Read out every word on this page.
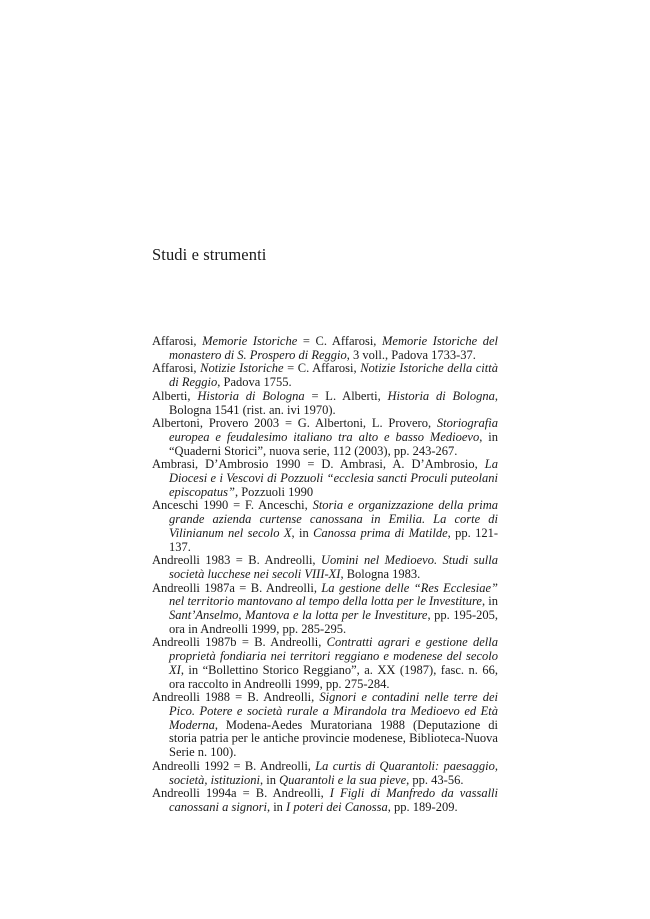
Studi e strumenti

Affarosi, Memorie Istoriche = C. Affarosi, Memorie Istoriche del monastero di S. Prospero di Reggio, 3 voll., Padova 1733-37.

Affarosi, Notizie Istoriche = C. Affarosi, Notizie Istoriche della città di Reggio, Padova 1755.

Alberti, Historia di Bologna = L. Alberti, Historia di Bologna, Bologna 1541 (rist. an. ivi 1970).

Albertoni, Provero 2003 = G. Albertoni, L. Provero, Storiografia europea e feudalesimo italiano tra alto e basso Medioevo, in “Quaderni Storici”, nuova serie, 112 (2003), pp. 243-267.

Ambrasi, D’Ambrosio 1990 = D. Ambrasi, A. D’Ambrosio, La Diocesi e i Vescovi di Pozzuoli “ecclesia sancti Proculi puteolani episcopatus”, Pozzuoli 1990

Anceschi 1990 = F. Anceschi, Storia e organizzazione della prima grande azienda curtense canossana in Emilia. La corte di Vilinianum nel secolo X, in Canossa prima di Matilde, pp. 121-137.

Andreolli 1983 = B. Andreolli, Uomini nel Medioevo. Studi sulla società lucchese nei secoli VIII-XI, Bologna 1983.

Andreolli 1987a = B. Andreolli, La gestione delle “Res Ecclesiae” nel territorio mantovano al tempo della lotta per le Investiture, in Sant’Anselmo, Mantova e la lotta per le Investiture, pp. 195-205, ora in Andreolli 1999, pp. 285-295.

Andreolli 1987b = B. Andreolli, Contratti agrari e gestione della proprietà fondiaria nei territori reggiano e modenese del secolo XI, in “Bollettino Storico Reggiano”, a. XX (1987), fasc. n. 66, ora raccolto in Andreolli 1999, pp. 275-284.

Andreolli 1988 = B. Andreolli, Signori e contadini nelle terre dei Pico. Potere e società rurale a Mirandola tra Medioevo ed Età Moderna, Modena-Aedes Muratoriana 1988 (Deputazione di storia patria per le antiche provincie modenese, Biblioteca-Nuova Serie n. 100).

Andreolli 1992 = B. Andreolli, La curtis di Quarantoli: paesaggio, società, istituzioni, in Quarantoli e la sua pieve, pp. 43-56.

Andreolli 1994a = B. Andreolli, I Figli di Manfredo da vassalli canossani a signori, in I poteri dei Canossa, pp. 189-209.
